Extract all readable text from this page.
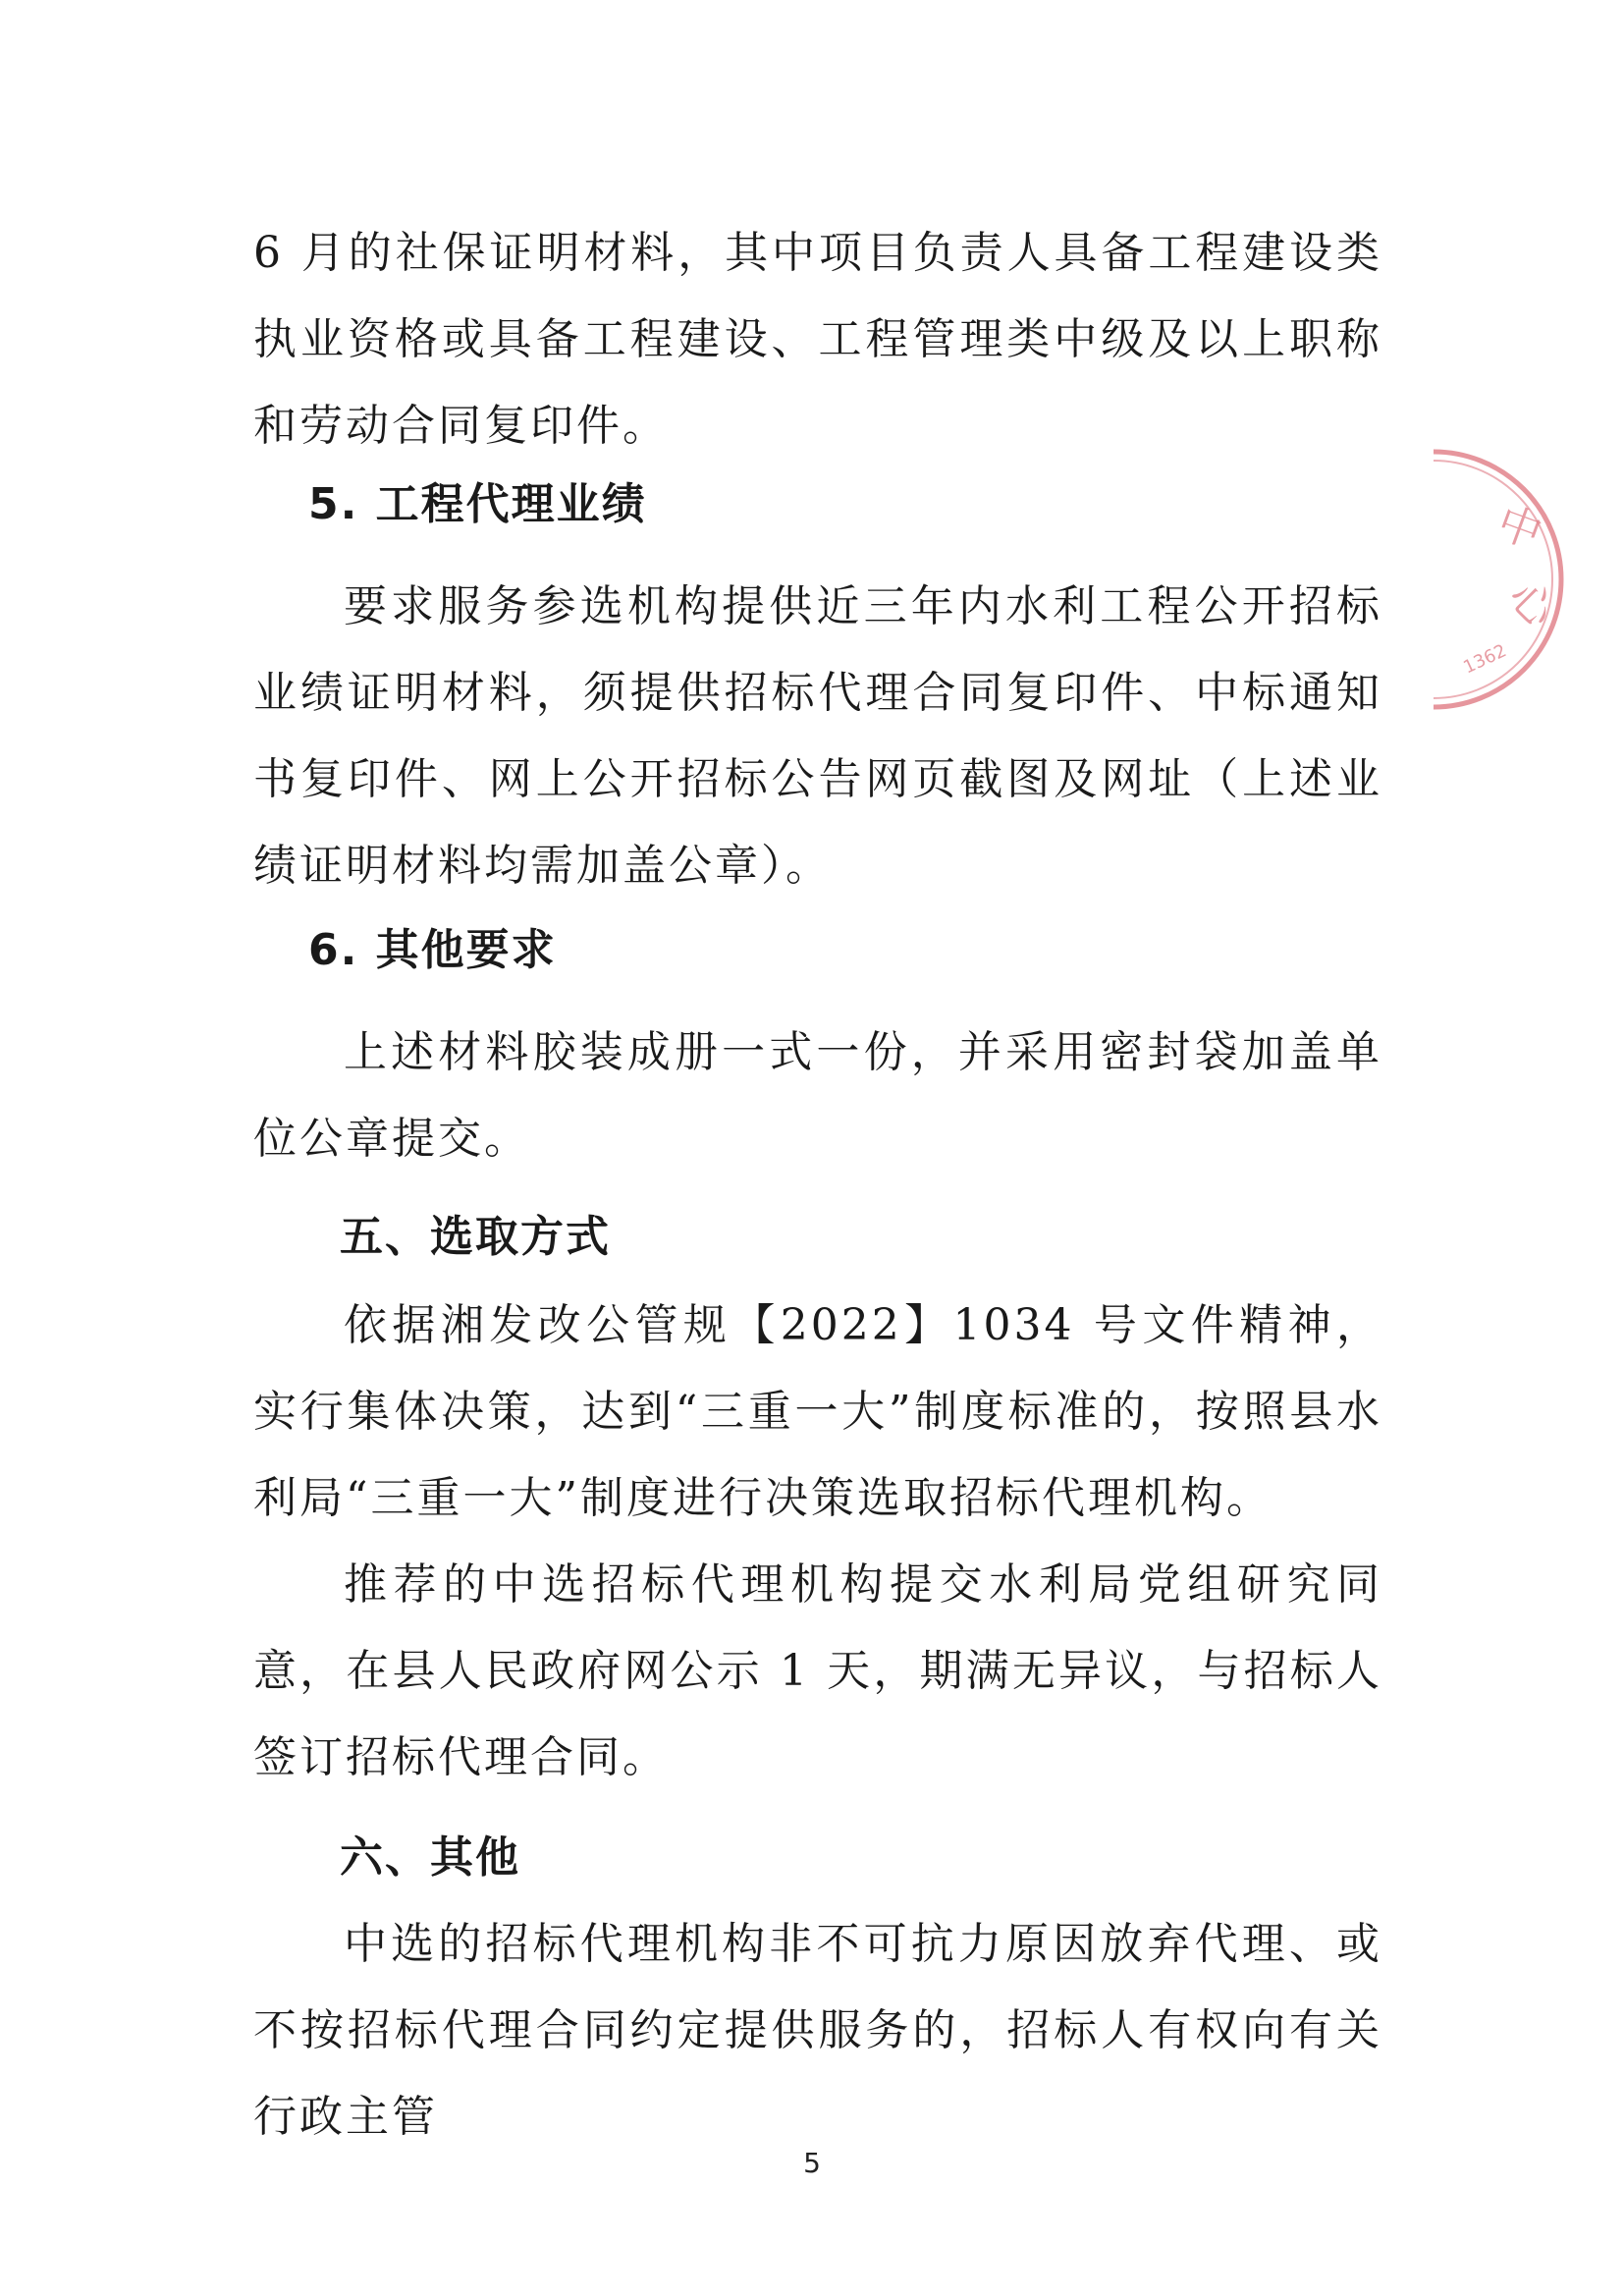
6 月的社保证明材料，其中项目负责人具备工程建设类执业资格或具备工程建设、工程管理类中级及以上职称和劳动合同复印件。

5. 工程代理业绩

要求服务参选机构提供近三年内水利工程公开招标业绩证明材料，须提供招标代理合同复印件、中标通知书复印件、网上公开招标公告网页截图及网址（上述业绩证明材料均需加盖公章）。

6. 其他要求

上述材料胶装成册一式一份，并采用密封袋加盖单位公章提交。

五、选取方式

依据湘发改公管规【2022】1034 号文件精神，实行集体决策，达到“三重一大”制度标准的，按照县水利局“三重一大”制度进行决策选取招标代理机构。

推荐的中选招标代理机构提交水利局党组研究同意，在县人民政府网公示 1 天，期满无异议，与招标人签订招标代理合同。

六、其他

中选的招标代理机构非不可抗力原因放弃代理、或不按招标代理合同约定提供服务的，招标人有权向有关行政主管

中
心
1362
5
